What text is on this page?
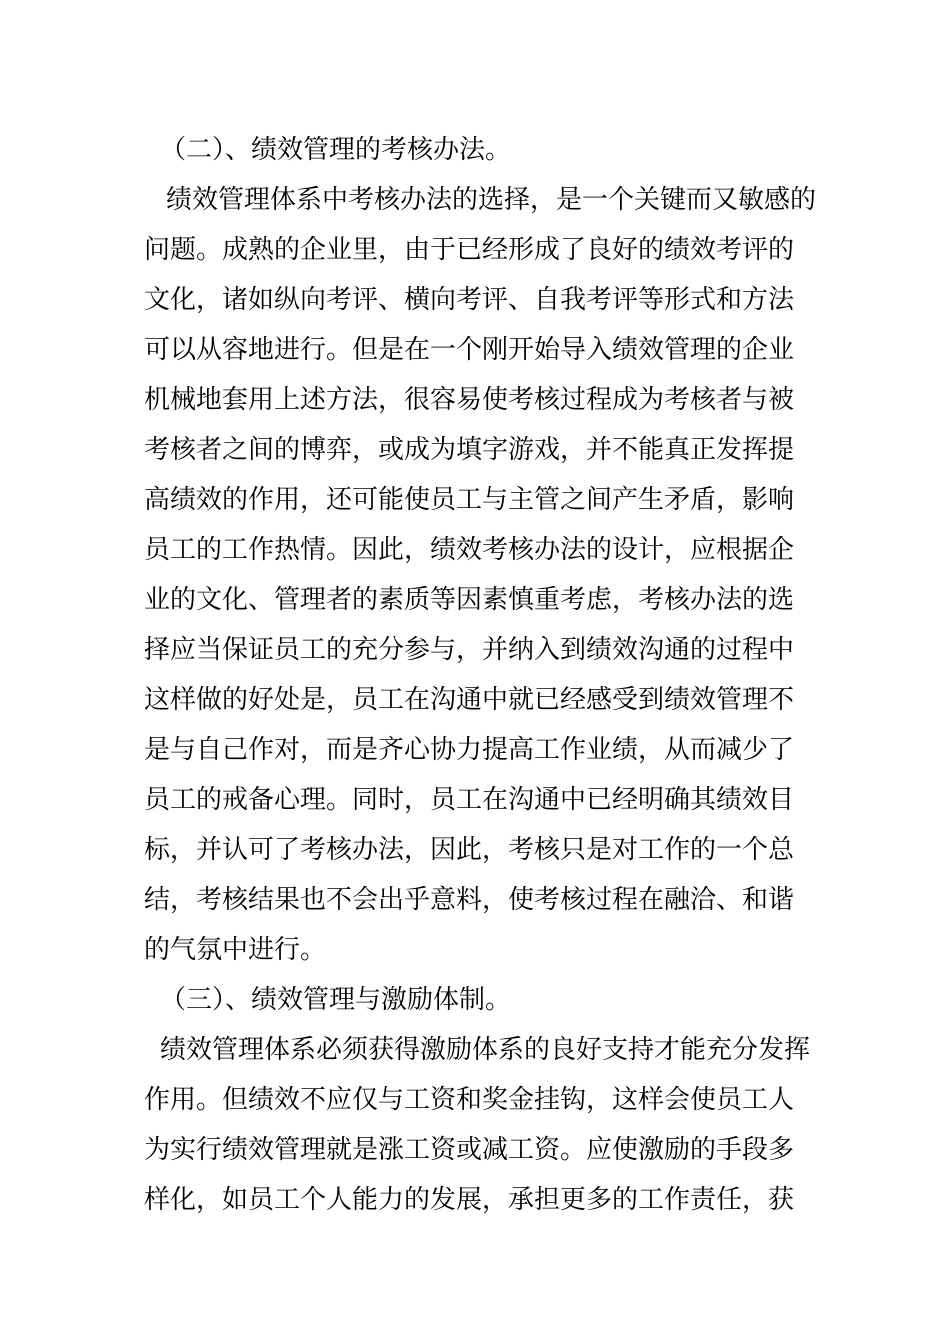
（二）、绩效管理的考核办法。
绩效管理体系中考核办法的选择，是一个关键而又敏感的
问题。成熟的企业里，由于已经形成了良好的绩效考评的
文化，诸如纵向考评、横向考评、自我考评等形式和方法
可以从容地进行。但是在一个刚开始导入绩效管理的企业
机械地套用上述方法，很容易使考核过程成为考核者与被
考核者之间的博弈，或成为填字游戏，并不能真正发挥提
高绩效的作用，还可能使员工与主管之间产生矛盾，影响
员工的工作热情。因此，绩效考核办法的设计，应根据企
业的文化、管理者的素质等因素慎重考虑，考核办法的选
择应当保证员工的充分参与，并纳入到绩效沟通的过程中
这样做的好处是，员工在沟通中就已经感受到绩效管理不
是与自己作对，而是齐心协力提高工作业绩，从而减少了
员工的戒备心理。同时，员工在沟通中已经明确其绩效目
标，并认可了考核办法，因此，考核只是对工作的一个总
结，考核结果也不会出乎意料，使考核过程在融洽、和谐
的气氛中进行。
（三）、绩效管理与激励体制。
绩效管理体系必须获得激励体系的良好支持才能充分发挥
作用。但绩效不应仅与工资和奖金挂钩，这样会使员工人
为实行绩效管理就是涨工资或减工资。应使激励的手段多
样化，如员工个人能力的发展，承担更多的工作责任，获
